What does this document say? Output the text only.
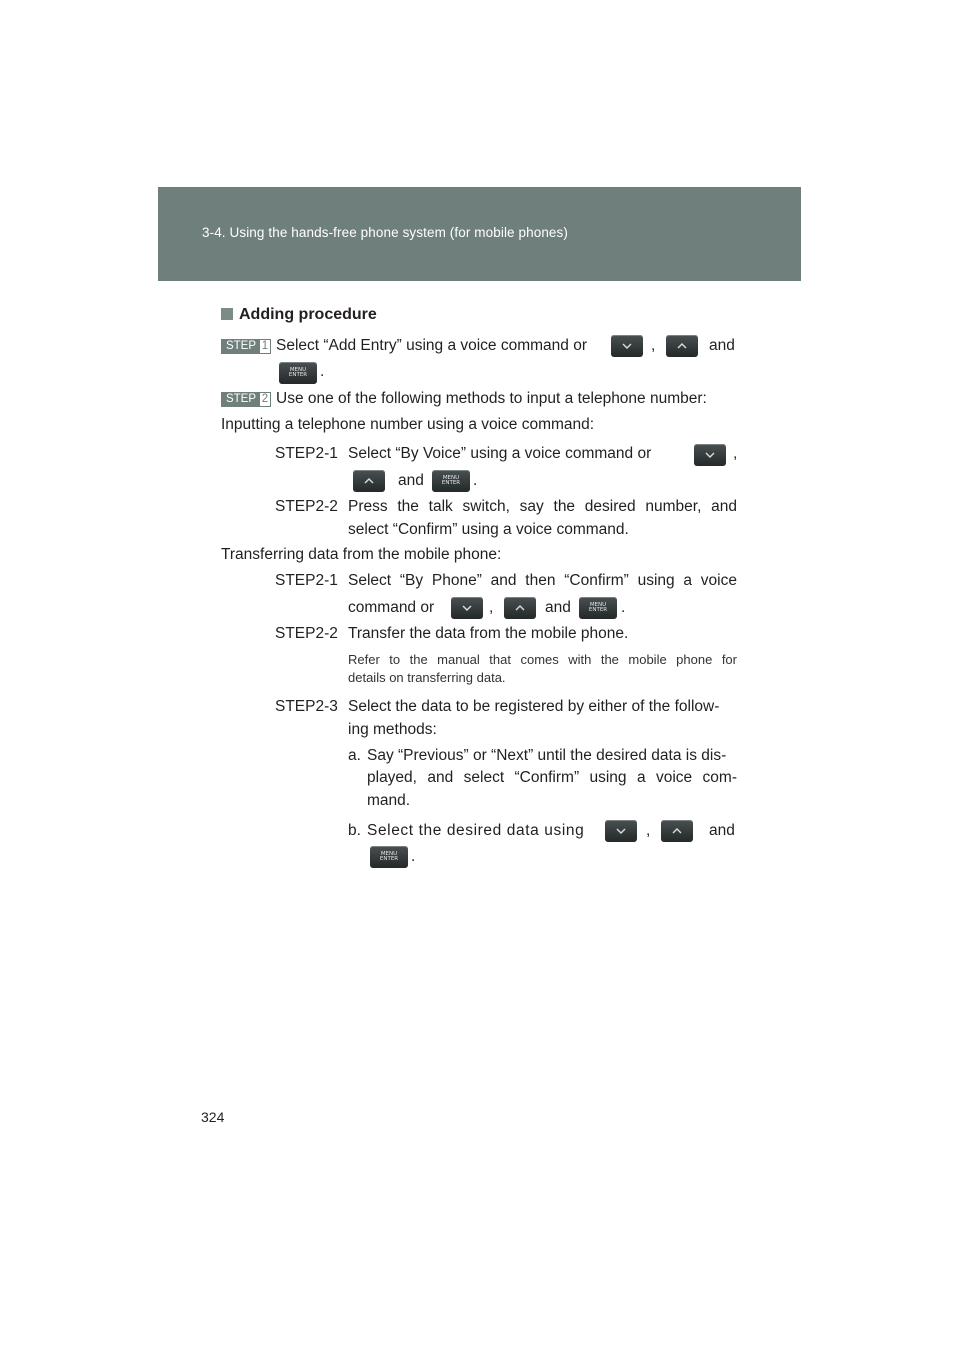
3-4. Using the hands-free phone system (for mobile phones)
Adding procedure
STEP 1 Select “Add Entry” using a voice command or	,	and
MENU
ENTER .
STEP 2 Use one of the following methods to input a telephone number:
Inputting a telephone number using a voice command:
STEP2-1 Select “By Voice” using a voice command or	,
and	MENU
ENTER .
STEP2-2 Press the talk switch, say the desired number, and
select “Confirm” using a voice command.
Transferring data from the mobile phone:
STEP2-1 Select “By Phone” and then “Confirm” using a voice
command or	,	and	MENU
ENTER .
STEP2-2 Transfer the data from the mobile phone.
Refer to the manual that comes with the mobile phone for
details on transferring data.
STEP2-3 Select the data to be registered by either of the follow-
ing methods:
a. Say “Previous” or “Next” until the desired data is dis-
played, and select “Confirm” using a voice com-
mand.
b. Select the desired data using	,	and
MENU
ENTER .
324
